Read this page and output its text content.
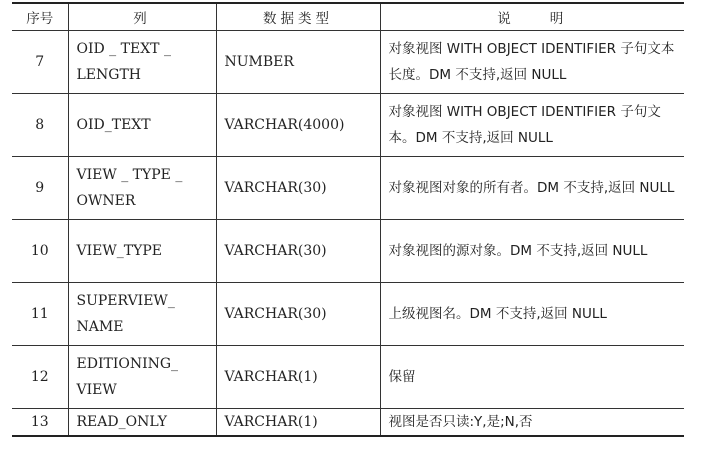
序号	列	数据类型	说　　明
7	OID _ TEXT _ LENGTH	NUMBER	对象视图 WITH OBJECT IDENTIFIER 子句文本长度。DM 不支持,返回 NULL
8	OID_TEXT	VARCHAR(4000)	对象视图 WITH OBJECT IDENTIFIER 子句文本。DM 不支持,返回 NULL
9	VIEW _ TYPE _ OWNER	VARCHAR(30)	对象视图对象的所有者。DM 不支持,返回 NULL
10	VIEW_TYPE	VARCHAR(30)	对象视图的源对象。DM 不支持,返回 NULL
11	SUPERVIEW_ NAME	VARCHAR(30)	上级视图名。DM 不支持,返回 NULL
12	EDITIONING_ VIEW	VARCHAR(1)	保留
13	READ_ONLY	VARCHAR(1)	视图是否只读:Y,是;N,否
